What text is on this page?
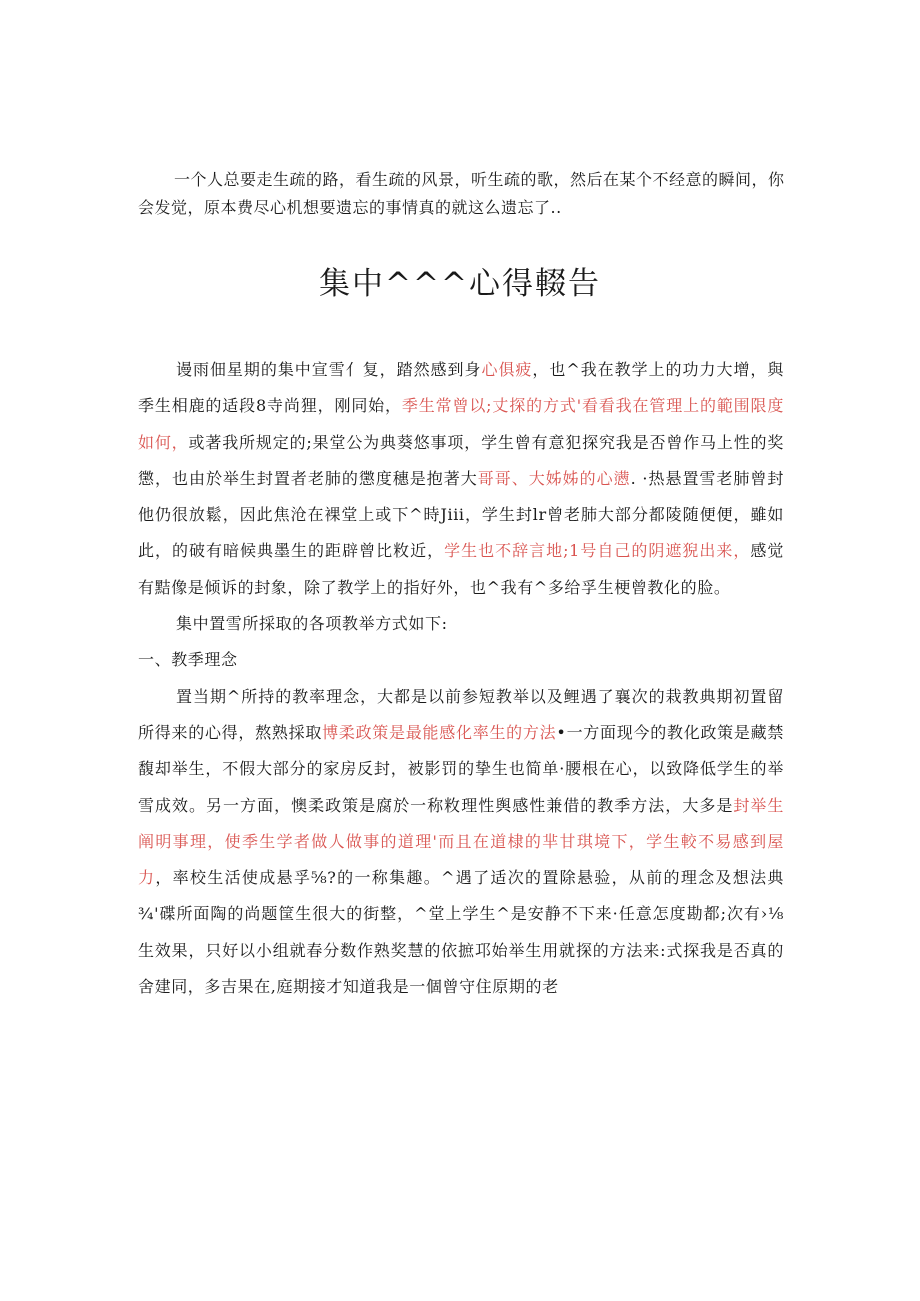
一个人总要走生疏的路，看生疏的风景，听生疏的歌，然后在某个不经意的瞬间，你会发觉，原本费尽心机想要遗忘的事情真的就这么遗忘了..

集中^^^心得輟告

谩雨佃星期的集中宣雪亻复，踏然感到身心俱疲，也^我在教学上的功力大增，與季生相鹿的适段8寺尚狸，刚同始，季生常曾以;丈探的方式'看看我在管理上的範围限度如何，或著我所规定的;果堂公为典葵悠事项，学生曾有意犯探究我是否曾作马上性的奖懲，也由於举生封置者老肺的懲度穗是抱著大哥哥、大姊姊的心懑. ·热悬置雪老肺曾封他仍很放鬆，因此焦沧在裸堂上或下^時Jiii，学生封lr曾老肺大部分都陵随便便，雖如此，的破有暗候典墨生的距辟曾比敉近，学生也不辞言地;1号自己的阴遮猊出来，感觉有黠像是倾诉的封象，除了教学上的指好外，也^我有^多给孚生梗曾教化的脸。

集中置雪所採取的各项教举方式如下:

一、教季理念

置当期^所持的教率理念，大都是以前参短教举以及鲤遇了襄次的栽教典期初置留所得来的心得，熬熟採取博柔政策是最能感化率生的方法•一方面现今的教化政策是藏禁馥却举生，不假大部分的家房反封，被影罚的挚生也简单·腰根在心，以致降低学生的举雪成效。另一方面，懊柔政策是腐於一称敉理性舆感性兼借的教季方法，大多是封举生阐明事理，使季生学者做人做事的道理'而且在道棣的芈甘琪境下，学生較不易感到屋力，率校生活使成悬孚⅝?的一称集趣。^遇了适次的置除悬验，从前的理念及想法典¾'碟所面陶的尚题筐生很大的街整，^堂上学生^是安静不下来·任意怎度勘都;次有›⅛生效果，只好以小组就春分数作熟奖慧的依摭邛始举生用就探的方法来:式探我是否真的舍建同，多吉果在,庭期接才知道我是一個曾守住原期的老
